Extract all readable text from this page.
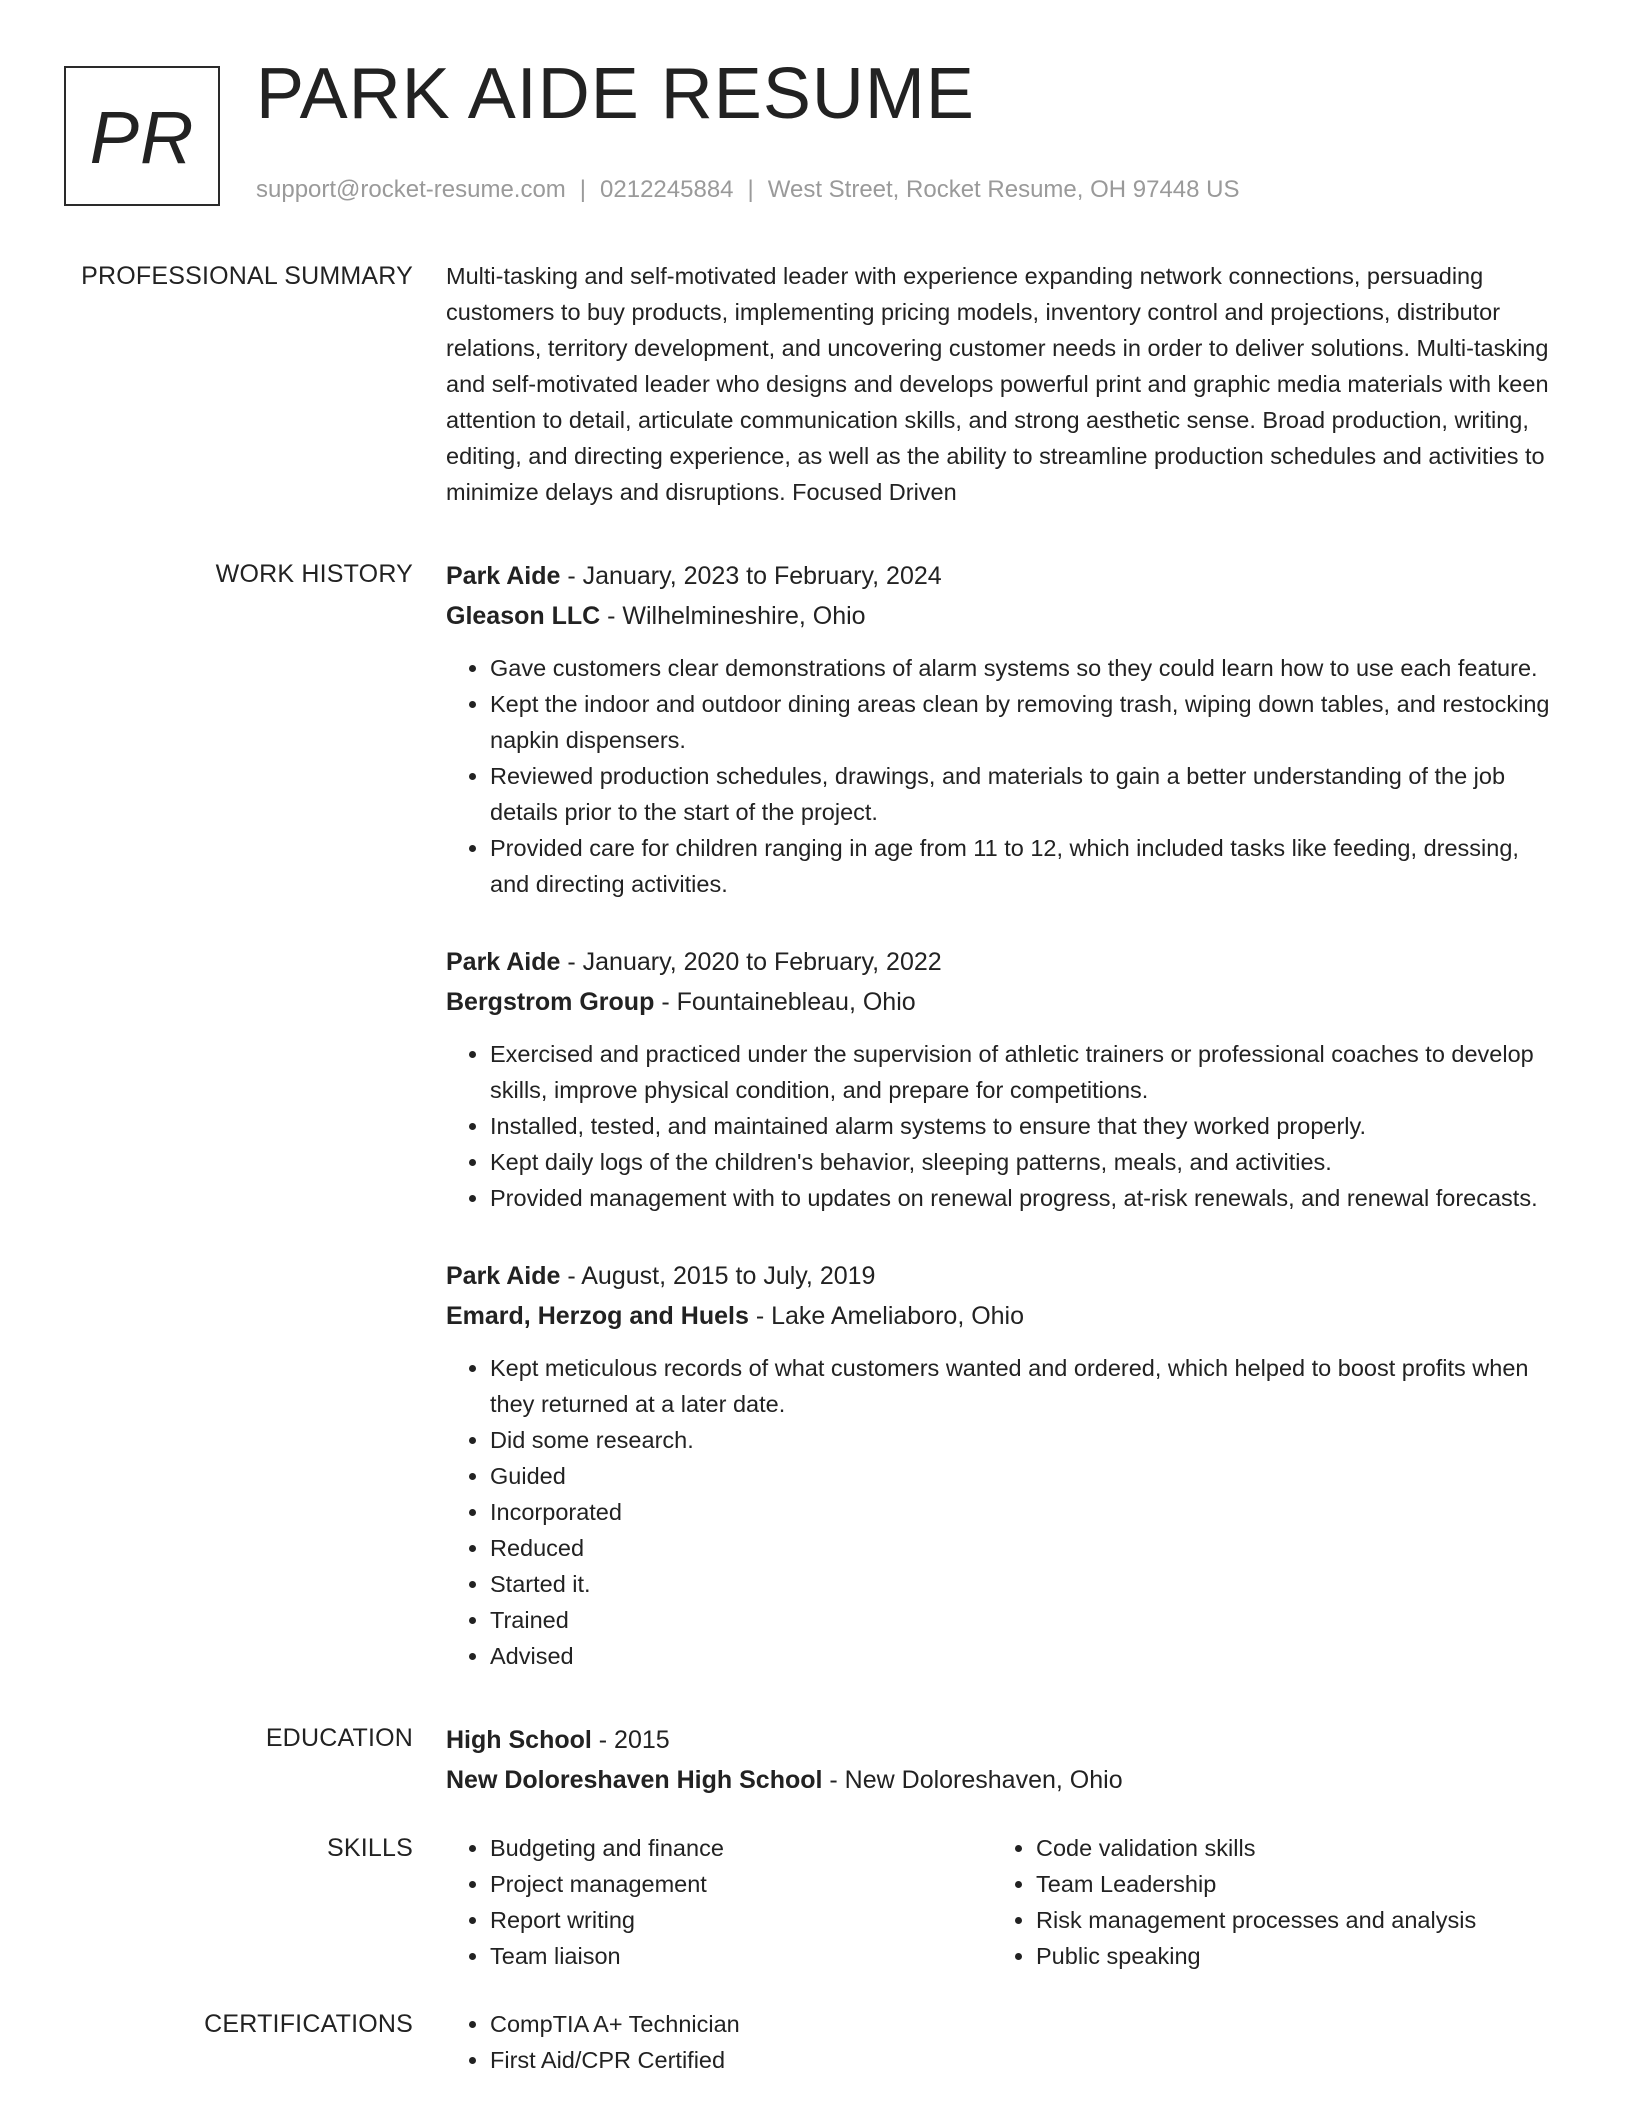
PR
PARK AIDE RESUME
support@rocket-resume.com | 0212245884 | West Street, Rocket Resume, OH 97448 US
PROFESSIONAL SUMMARY Multi-tasking and self-motivated leader with experience expanding network connections, persuading customers to buy products, implementing pricing models, inventory control and projections, distributor relations, territory development, and uncovering customer needs in order to deliver solutions. Multi-tasking and self-motivated leader who designs and develops powerful print and graphic media materials with keen attention to detail, articulate communication skills, and strong aesthetic sense. Broad production, writing, editing, and directing experience, as well as the ability to streamline production schedules and activities to minimize delays and disruptions. Focused Driven

WORK HISTORY Park Aide - January, 2023 to February, 2024
Gleason LLC - Wilhelmineshire, Ohio
• Gave customers clear demonstrations of alarm systems so they could learn how to use each feature.
• Kept the indoor and outdoor dining areas clean by removing trash, wiping down tables, and restocking napkin dispensers.
• Reviewed production schedules, drawings, and materials to gain a better understanding of the job details prior to the start of the project.
• Provided care for children ranging in age from 11 to 12, which included tasks like feeding, dressing, and directing activities.
Park Aide - January, 2020 to February, 2022
Bergstrom Group - Fountainebleau, Ohio
• Exercised and practiced under the supervision of athletic trainers or professional coaches to develop skills, improve physical condition, and prepare for competitions.
• Installed, tested, and maintained alarm systems to ensure that they worked properly.
• Kept daily logs of the children's behavior, sleeping patterns, meals, and activities.
• Provided management with to updates on renewal progress, at-risk renewals, and renewal forecasts.
Park Aide - August, 2015 to July, 2019
Emard, Herzog and Huels - Lake Ameliaboro, Ohio
• Kept meticulous records of what customers wanted and ordered, which helped to boost profits when they returned at a later date.
• Did some research.
• Guided
• Incorporated
• Reduced
• Started it.
• Trained
• Advised
EDUCATION High School - 2015
New Doloreshaven High School - New Doloreshaven, Ohio
SKILLS	• Budgeting and finance
• Project management
• Report writing
• Team liaison
• Code validation skills
• Team Leadership
• Risk management processes and analysis
• Public speaking
CERTIFICATIONS	• CompTIA A+ Technician
• First Aid/CPR Certified
